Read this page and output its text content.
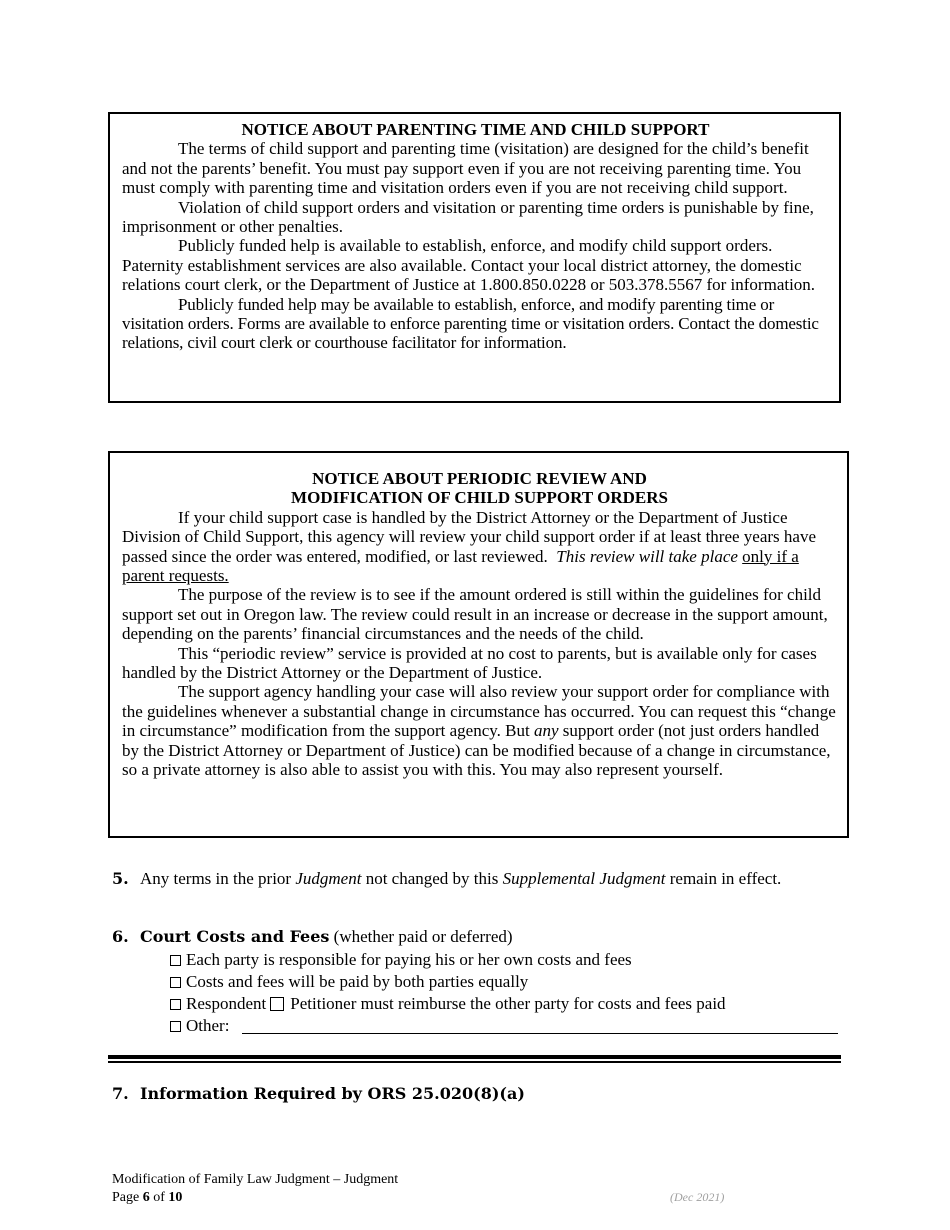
NOTICE ABOUT PARENTING TIME AND CHILD SUPPORT

The terms of child support and parenting time (visitation) are designed for the child’s benefit and not the parents’ benefit. You must pay support even if you are not receiving parenting time. You must comply with parenting time and visitation orders even if you are not receiving child support.

Violation of child support orders and visitation or parenting time orders is punishable by fine, imprisonment or other penalties.

Publicly funded help is available to establish, enforce, and modify child support orders. Paternity establishment services are also available. Contact your local district attorney, the domestic relations court clerk, or the Department of Justice at 1.800.850.0228 or 503.378.5567 for information.

Publicly funded help may be available to establish, enforce, and modify parenting time or visitation orders. Forms are available to enforce parenting time or visitation orders. Contact the domestic relations, civil court clerk or courthouse facilitator for information.

NOTICE ABOUT PERIODIC REVIEW AND
MODIFICATION OF CHILD SUPPORT ORDERS

If your child support case is handled by the District Attorney or the Department of Justice Division of Child Support, this agency will review your child support order if at least three years have passed since the order was entered, modified, or last reviewed. This review will take place only if a parent requests.

The purpose of the review is to see if the amount ordered is still within the guidelines for child support set out in Oregon law. The review could result in an increase or decrease in the support amount, depending on the parents’ financial circumstances and the needs of the child.

This “periodic review” service is provided at no cost to parents, but is available only for cases handled by the District Attorney or the Department of Justice.

The support agency handling your case will also review your support order for compliance with the guidelines whenever a substantial change in circumstance has occurred. You can request this “change in circumstance” modification from the support agency. But any support order (not just orders handled by the District Attorney or Department of Justice) can be modified because of a change in circumstance, so a private attorney is also able to assist you with this. You may also represent yourself.

5. Any terms in the prior Judgment not changed by this Supplemental Judgment remain in effect.
6. Court Costs and Fees (whether paid or deferred)
Each party is responsible for paying his or her own costs and fees
Costs and fees will be paid by both parties equally
Respondent Petitioner must reimburse the other party for costs and fees paid
Other:
7. Information Required by ORS 25.020(8)(a)
Modification of Family Law Judgment – Judgment
Page 6 of 10	(Dec 2021)
